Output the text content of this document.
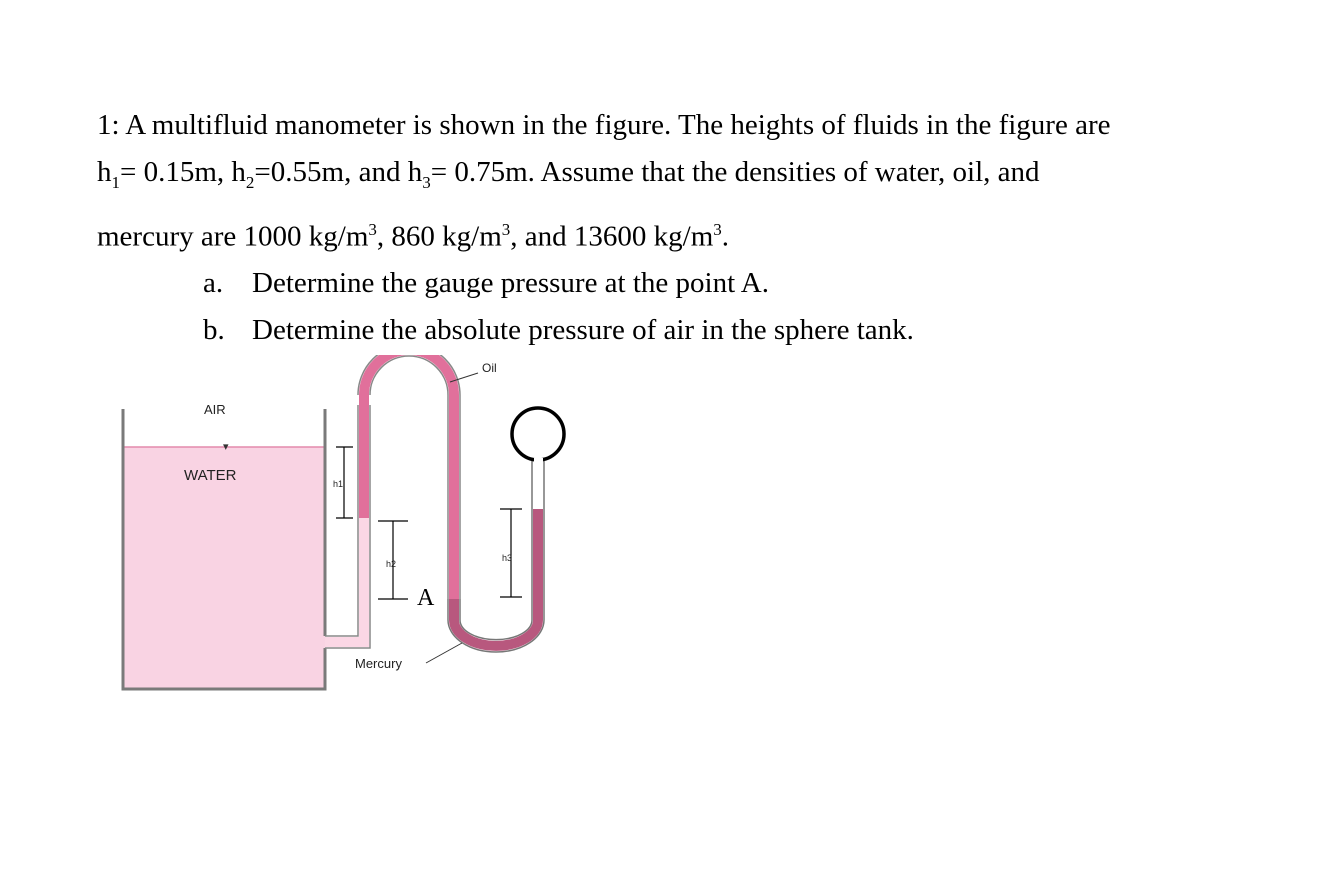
1: A multifluid manometer is shown in the figure. The heights of fluids in the figure are

$h_1= 0.15m$, $h_2=0.55m$, and $h_3= 0.75m$. Assume that the densities of water, oil, and

mercury are 1000 $kg/m^3$, 860 $kg/m^3$, and 13600 $kg/m^3$.

a. Determine the gauge pressure at the point A.
b. Determine the absolute pressure of air in the sphere tank.
AIR
▾
WATER
Oil
Mercury
h1
h2
A
h3
